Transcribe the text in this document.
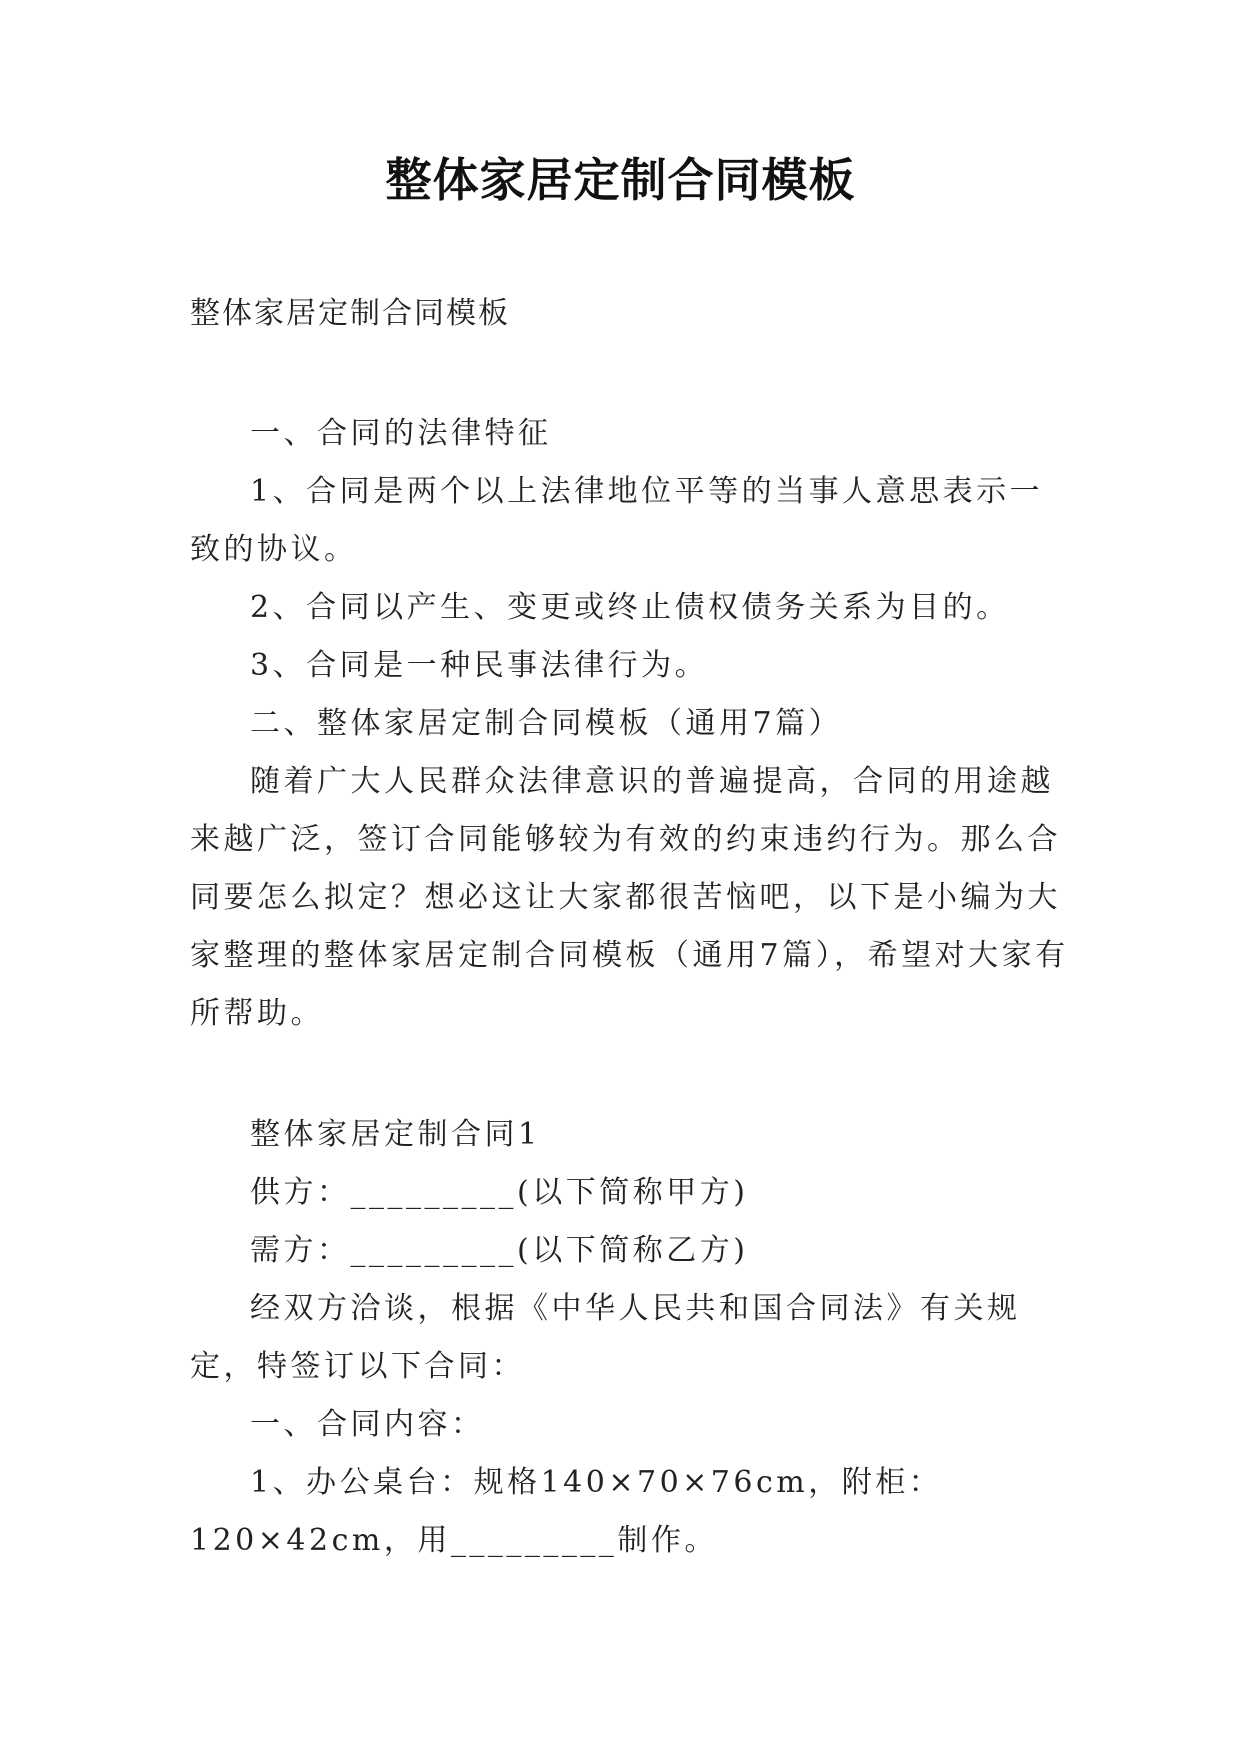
整体家居定制合同模板
整体家居定制合同模板

一、合同的法律特征

1、合同是两个以上法律地位平等的当事人意思表示一致的协议。

2、合同以产生、变更或终止债权债务关系为目的。

3、合同是一种民事法律行为。

二、整体家居定制合同模板（通用7篇）

随着广大人民群众法律意识的普遍提高，合同的用途越来越广泛，签订合同能够较为有效的约束违约行为。那么合同要怎么拟定？想必这让大家都很苦恼吧，以下是小编为大家整理的整体家居定制合同模板（通用7篇），希望对大家有所帮助。

整体家居定制合同1

供方：_________(以下简称甲方)

需方：_________(以下简称乙方)

经双方洽谈，根据《中华人民共和国合同法》有关规定，特签订以下合同：

一、合同内容：

1、办公桌台：规格140×70×76cm，附柜：120×42cm，用_________制作。
